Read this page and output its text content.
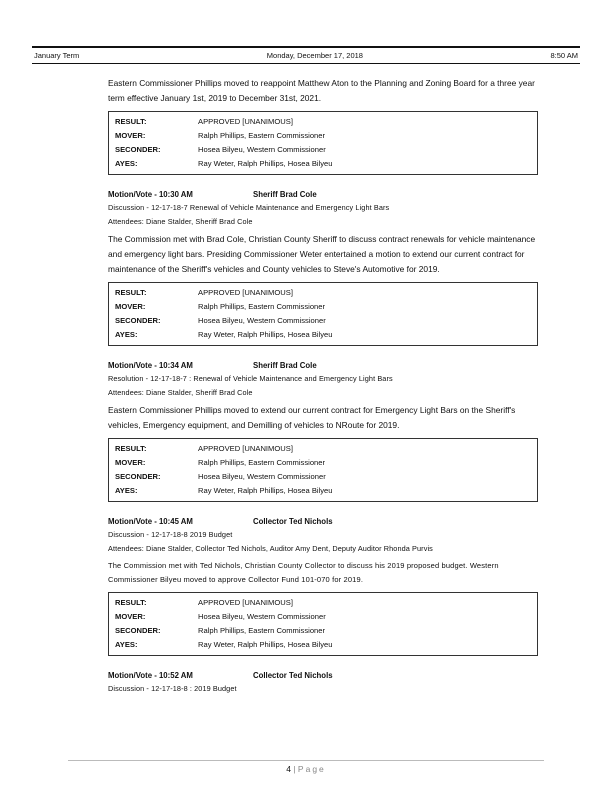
January Term	Monday, December 17, 2018	8:50 AM

Eastern Commissioner Phillips moved to reappoint Matthew Aton to the Planning and Zoning Board for a three year term effective January 1st, 2019 to December 31st, 2021.

RESULT:	APPROVED [UNANIMOUS]
MOVER:	Ralph Phillips, Eastern Commissioner
SECONDER:	Hosea Bilyeu, Western Commissioner
AYES:	Ray Weter, Ralph Phillips, Hosea Bilyeu
Motion/Vote - 10:30 AM	Sheriff Brad Cole
Discussion - 12-17-18-7 Renewal of Vehicle Maintenance and Emergency Light Bars
Attendees: Diane Stalder, Sheriff Brad Cole

The Commission met with Brad Cole, Christian County Sheriff to discuss contract renewals for vehicle maintenance and emergency light bars. Presiding Commissioner Weter entertained a motion to extend our current contract for maintenance of the Sheriff's vehicles and County vehicles to Steve's Automotive for 2019.

RESULT:	APPROVED [UNANIMOUS]
MOVER:	Ralph Phillips, Eastern Commissioner
SECONDER:	Hosea Bilyeu, Western Commissioner
AYES:	Ray Weter, Ralph Phillips, Hosea Bilyeu
Motion/Vote - 10:34 AM	Sheriff Brad Cole
Resolution - 12-17-18-7 : Renewal of Vehicle Maintenance and Emergency Light Bars
Attendees: Diane Stalder, Sheriff Brad Cole

Eastern Commissioner Phillips moved to extend our current contract for Emergency Light Bars on the Sheriff's vehicles, Emergency equipment, and Demilling of vehicles to NRoute for 2019.

RESULT:	APPROVED [UNANIMOUS]
MOVER:	Ralph Phillips, Eastern Commissioner
SECONDER:	Hosea Bilyeu, Western Commissioner
AYES:	Ray Weter, Ralph Phillips, Hosea Bilyeu
Motion/Vote - 10:45 AM	Collector Ted Nichols
Discussion - 12-17-18-8 2019 Budget
Attendees: Diane Stalder, Collector Ted Nichols, Auditor Amy Dent, Deputy Auditor Rhonda Purvis

The Commission met with Ted Nichols, Christian County Collector to discuss his 2019 proposed budget. Western Commissioner Bilyeu moved to approve Collector Fund 101-070 for 2019.

RESULT:	APPROVED [UNANIMOUS]
MOVER:	Hosea Bilyeu, Western Commissioner
SECONDER:	Ralph Phillips, Eastern Commissioner
AYES:	Ray Weter, Ralph Phillips, Hosea Bilyeu
Motion/Vote - 10:52 AM	Collector Ted Nichols
Discussion - 12-17-18-8 : 2019 Budget
4 | Page
